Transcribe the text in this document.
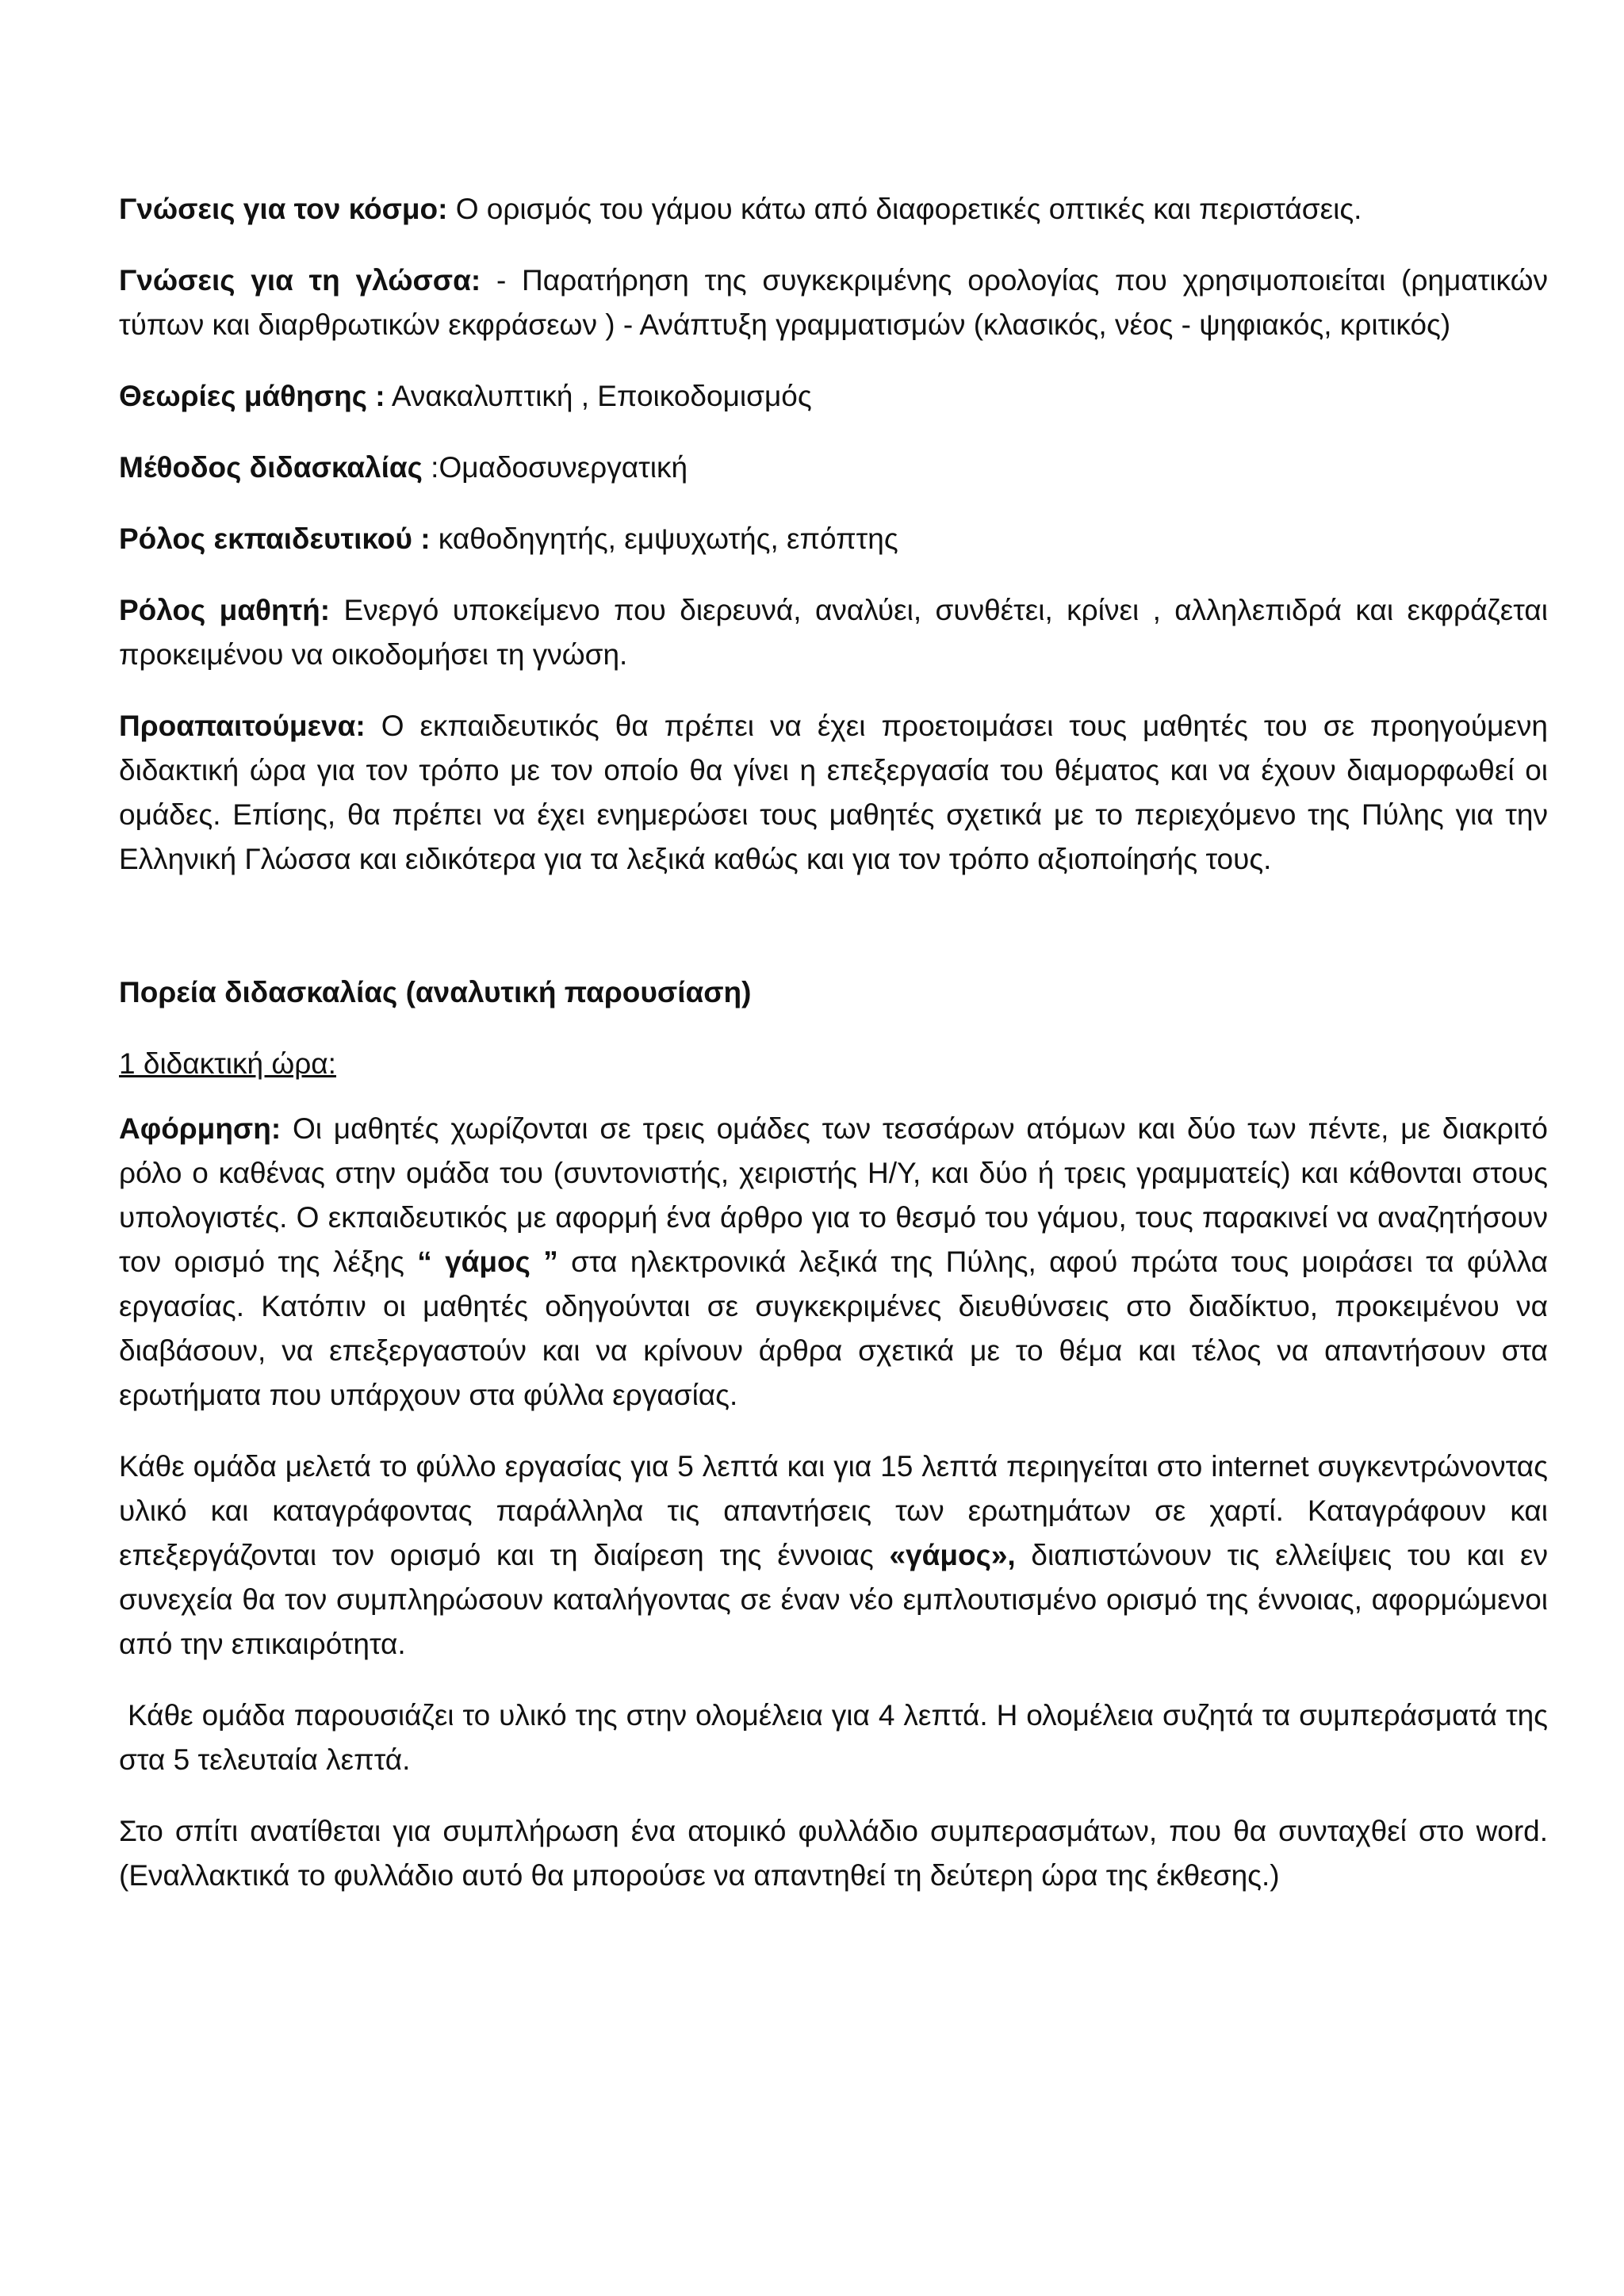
Γνώσεις για τον κόσμο: Ο ορισμός του γάμου κάτω από διαφορετικές οπτικές και περιστάσεις.

Γνώσεις για τη γλώσσα: - Παρατήρηση της συγκεκριμένης ορολογίας που χρησιμοποιείται (ρηματικών τύπων και διαρθρωτικών εκφράσεων ) - Ανάπτυξη γραμματισμών (κλασικός, νέος - ψηφιακός, κριτικός)

Θεωρίες μάθησης : Ανακαλυπτική , Εποικοδομισμός

Μέθοδος διδασκαλίας :Ομαδοσυνεργατική

Ρόλος εκπαιδευτικού : καθοδηγητής, εμψυχωτής, επόπτης

Ρόλος μαθητή: Ενεργό υποκείμενο που διερευνά, αναλύει, συνθέτει, κρίνει , αλληλεπιδρά και εκφράζεται προκειμένου να οικοδομήσει τη γνώση.

Προαπαιτούμενα: Ο εκπαιδευτικός θα πρέπει να έχει προετοιμάσει τους μαθητές του σε προηγούμενη διδακτική ώρα για τον τρόπο με τον οποίο θα γίνει η επεξεργασία του θέματος και να έχουν διαμορφωθεί οι ομάδες. Επίσης, θα πρέπει να έχει ενημερώσει τους μαθητές σχετικά με το περιεχόμενο της Πύλης για την Ελληνική Γλώσσα και ειδικότερα για τα λεξικά καθώς και για τον τρόπο αξιοποίησής τους.

Πορεία διδασκαλίας (αναλυτική παρουσίαση)

1 διδακτική ώρα:

Αφόρμηση: Οι μαθητές χωρίζονται σε τρεις ομάδες των τεσσάρων ατόμων και δύο των πέντε, με διακριτό ρόλο ο καθένας στην ομάδα του (συντονιστής, χειριστής Η/Υ, και δύο ή τρεις γραμματείς) και κάθονται στους υπολογιστές. Ο εκπαιδευτικός με αφορμή ένα άρθρο για το θεσμό του γάμου, τους παρακινεί να αναζητήσουν τον ορισμό της λέξης “ γάμος ” στα ηλεκτρονικά λεξικά της Πύλης, αφού πρώτα τους μοιράσει τα φύλλα εργασίας. Κατόπιν οι μαθητές οδηγούνται σε συγκεκριμένες διευθύνσεις στο διαδίκτυο, προκειμένου να διαβάσουν, να επεξεργαστούν και να κρίνουν άρθρα σχετικά με το θέμα και τέλος να απαντήσουν στα ερωτήματα που υπάρχουν στα φύλλα εργασίας.

Κάθε ομάδα μελετά το φύλλο εργασίας για 5 λεπτά και για 15 λεπτά περιηγείται στο internet συγκεντρώνοντας υλικό και καταγράφοντας παράλληλα τις απαντήσεις των ερωτημάτων σε χαρτί. Καταγράφουν και επεξεργάζονται τον ορισμό και τη διαίρεση της έννοιας «γάμος», διαπιστώνουν τις ελλείψεις του και εν συνεχεία θα τον συμπληρώσουν καταλήγοντας σε έναν νέο εμπλουτισμένο ορισμό της έννοιας, αφορμώμενοι από την επικαιρότητα.

Κάθε ομάδα παρουσιάζει το υλικό της στην ολομέλεια για 4 λεπτά. Η ολομέλεια συζητά τα συμπεράσματά της στα 5 τελευταία λεπτά.

Στο σπίτι ανατίθεται για συμπλήρωση ένα ατομικό φυλλάδιο συμπερασμάτων, που θα συνταχθεί στο word. (Εναλλακτικά το φυλλάδιο αυτό θα μπορούσε να απαντηθεί τη δεύτερη ώρα της έκθεσης.)
